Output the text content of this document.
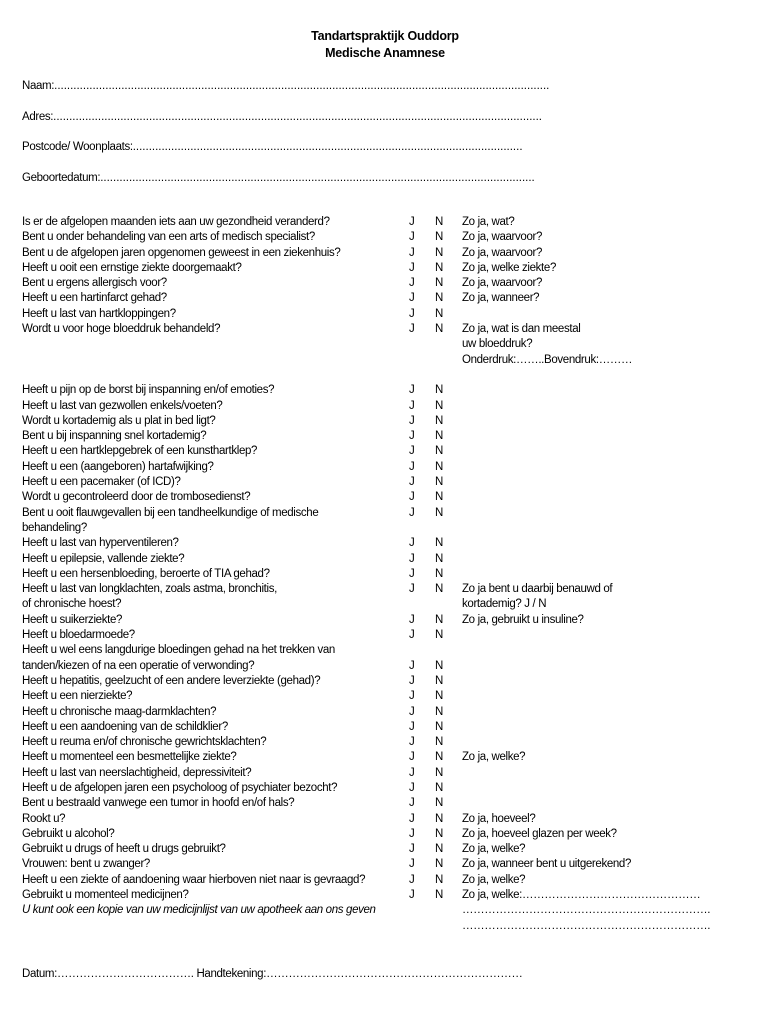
Tandartspraktijk Ouddorp
Medische Anamnese
Naam:...........................................................................................................................................................
Adres:.........................................................................................................................................................
Postcode/ Woonplaats:..........................................................................................................................
Geboortedatum:........................................................................................................................................
Is er de afgelopen maanden iets aan uw gezondheid veranderd?	J N Zo ja, wat?
Bent u onder behandeling van een arts of medisch specialist?	J N Zo ja, waarvoor?
Bent u de afgelopen jaren opgenomen geweest in een ziekenhuis?	J N Zo ja, waarvoor?
Heeft u ooit een ernstige ziekte doorgemaakt?	J N Zo ja, welke ziekte?
Bent u ergens allergisch voor?	J N Zo ja, waarvoor?
Heeft u een hartinfarct gehad?	J N Zo ja, wanneer?
Heeft u last van hartkloppingen?	J N
Wordt u voor hoge bloeddruk behandeld?	J N Zo ja, wat is dan meestal
uw bloeddruk?
Onderdruk:……..Bovendruk:………
Heeft u pijn op de borst bij inspanning en/of emoties?	J N
Heeft u last van gezwollen enkels/voeten?	J N
Wordt u kortademig als u plat in bed ligt?	J N
Bent u bij inspanning snel kortademig?	J N
Heeft u een hartklepgebrek of een kunsthartklep?	J N
Heeft u een (aangeboren) hartafwijking?	J N
Heeft u een pacemaker (of ICD)?	J N
Wordt u gecontroleerd door de trombosedienst?	J N
Bent u ooit flauwgevallen bij een tandheelkundige of medische	J N
behandeling?
Heeft u last van hyperventileren?	J N
Heeft u epilepsie, vallende ziekte?	J N
Heeft u een hersenbloeding, beroerte of TIA gehad?	J N
Heeft u last van longklachten, zoals astma, bronchitis,	J N Zo ja bent u daarbij benauwd of
of chronische hoest?	kortademig? J / N
Heeft u suikerziekte?	J N Zo ja, gebruikt u insuline?
Heeft u bloedarmoede?	J N
Heeft u wel eens langdurige bloedingen gehad na het trekken van
tanden/kiezen of na een operatie of verwonding?	J N
Heeft u hepatitis, geelzucht of een andere leverziekte (gehad)?	J N
Heeft u een nierziekte?	J N
Heeft u chronische maag-darmklachten?	J N
Heeft u een aandoening van de schildklier?	J N
Heeft u reuma en/of chronische gewrichtsklachten?	J N
Heeft u momenteel een besmettelijke ziekte?	J N Zo ja, welke?
Heeft u last van neerslachtigheid, depressiviteit?	J N
Heeft u de afgelopen jaren een psycholoog of psychiater bezocht?	J N
Bent u bestraald vanwege een tumor in hoofd en/of hals?	J N
Rookt u?	J N Zo ja, hoeveel?
Gebruikt u alcohol?	J N Zo ja, hoeveel glazen per week?
Gebruikt u drugs of heeft u drugs gebruikt?	J N Zo ja, welke?
Vrouwen: bent u zwanger?	J N Zo ja, wanneer bent u uitgerekend?
Heeft u een ziekte of aandoening waar hierboven niet naar is gevraagd?	J N Zo ja, welke?
Gebruikt u momenteel medicijnen?	J N Zo ja, welke:…………………………………………
U kunt ook een kopie van uw medicijnlijst van uw apotheek aan ons geven	………………………………………………………….
………………………………………………………….
Datum:………………………………. Handtekening:……………………………………………………………
